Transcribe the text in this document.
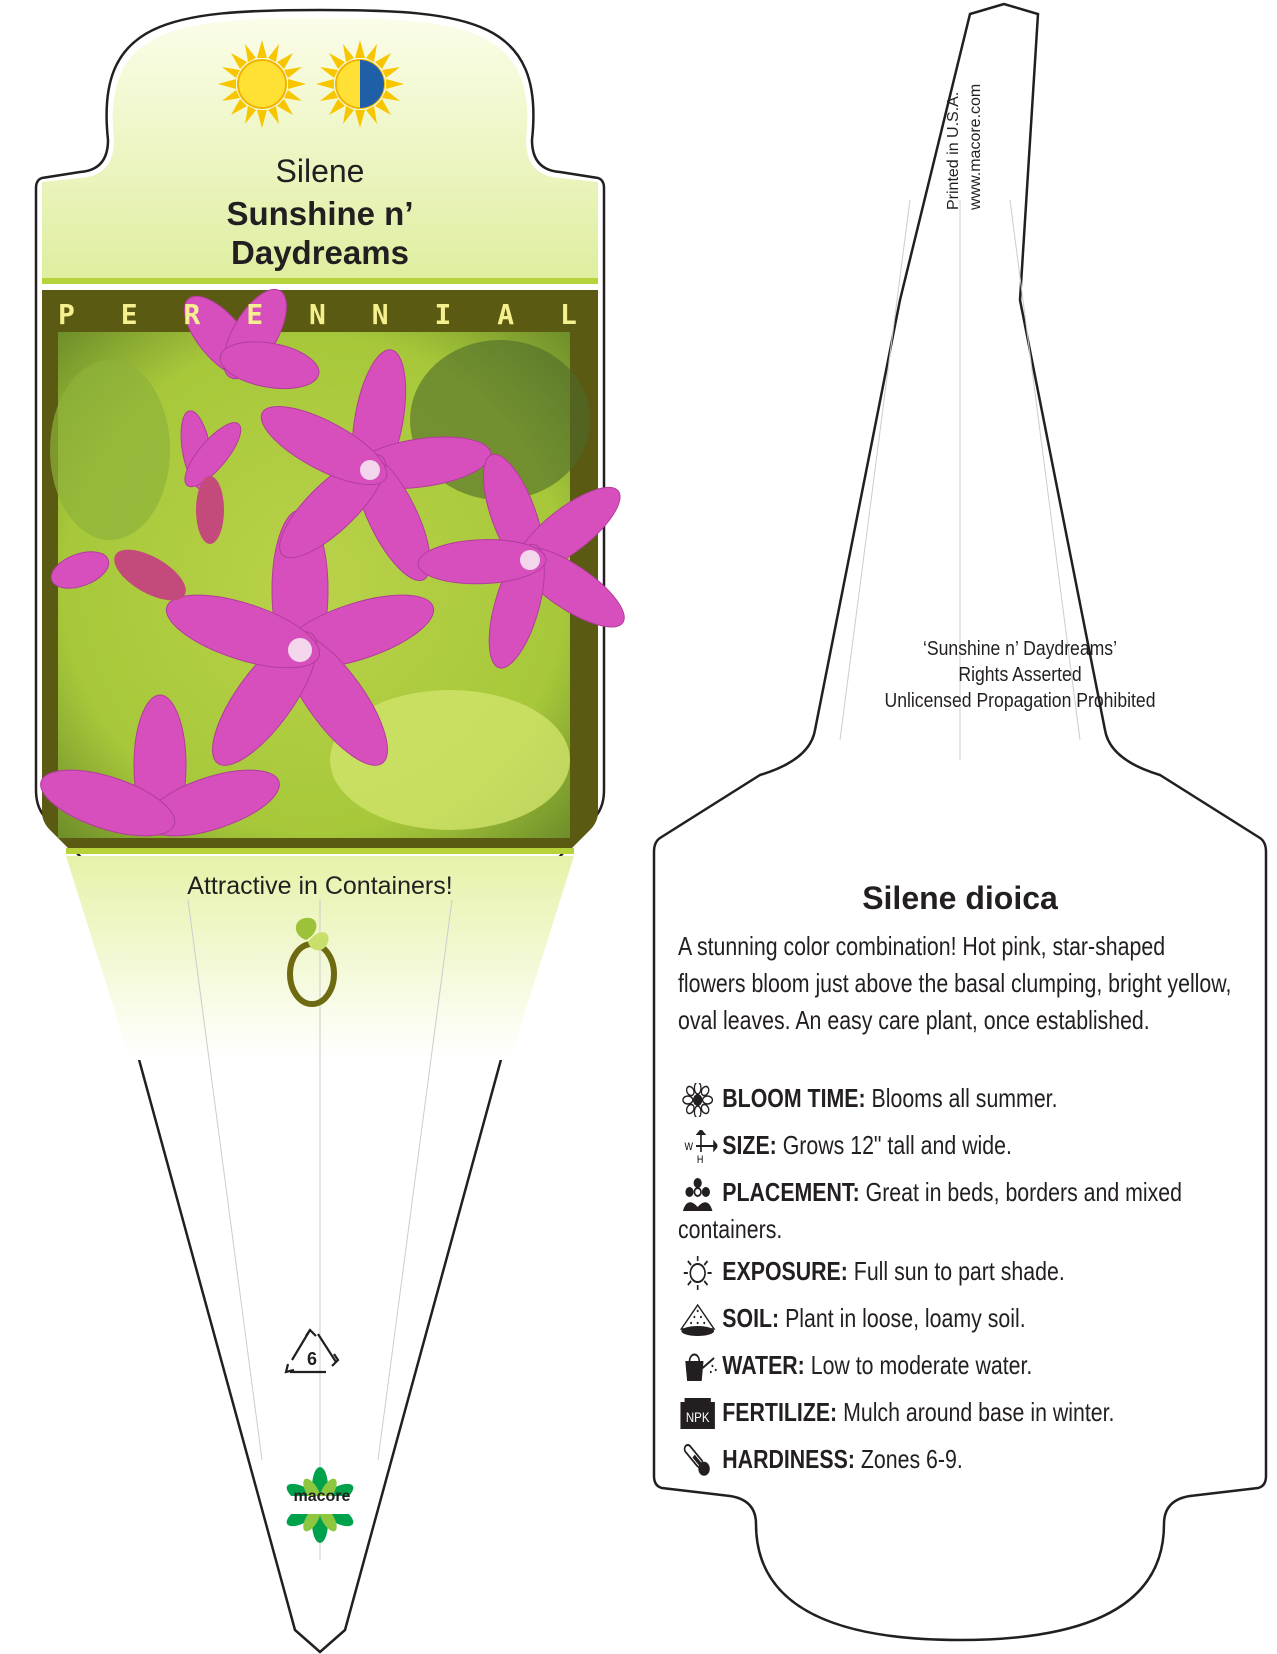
Silene
Sunshine n’
Daydreams
P E R E N N I A L
Attractive in Containers!
6
macore
Printed in U.S.A. www.macore.com
‘Sunshine n’ Daydreams’
Rights Asserted
Unlicensed Propagation Prohibited
Silene dioica
A stunning color combination! Hot pink, star-shaped flowers bloom just above the basal clumping, bright yellow, oval leaves. An easy care plant, once established.
BLOOM TIME: Blooms all summer.
W
H
SIZE: Grows 12" tall and wide.
PLACEMENT: Great in beds, borders and mixed containers.
EXPOSURE: Full sun to part shade.
SOIL: Plant in loose, loamy soil.
WATER: Low to moderate water.
NPK FERTILIZE: Mulch around base in winter.
HARDINESS: Zones 6-9.
